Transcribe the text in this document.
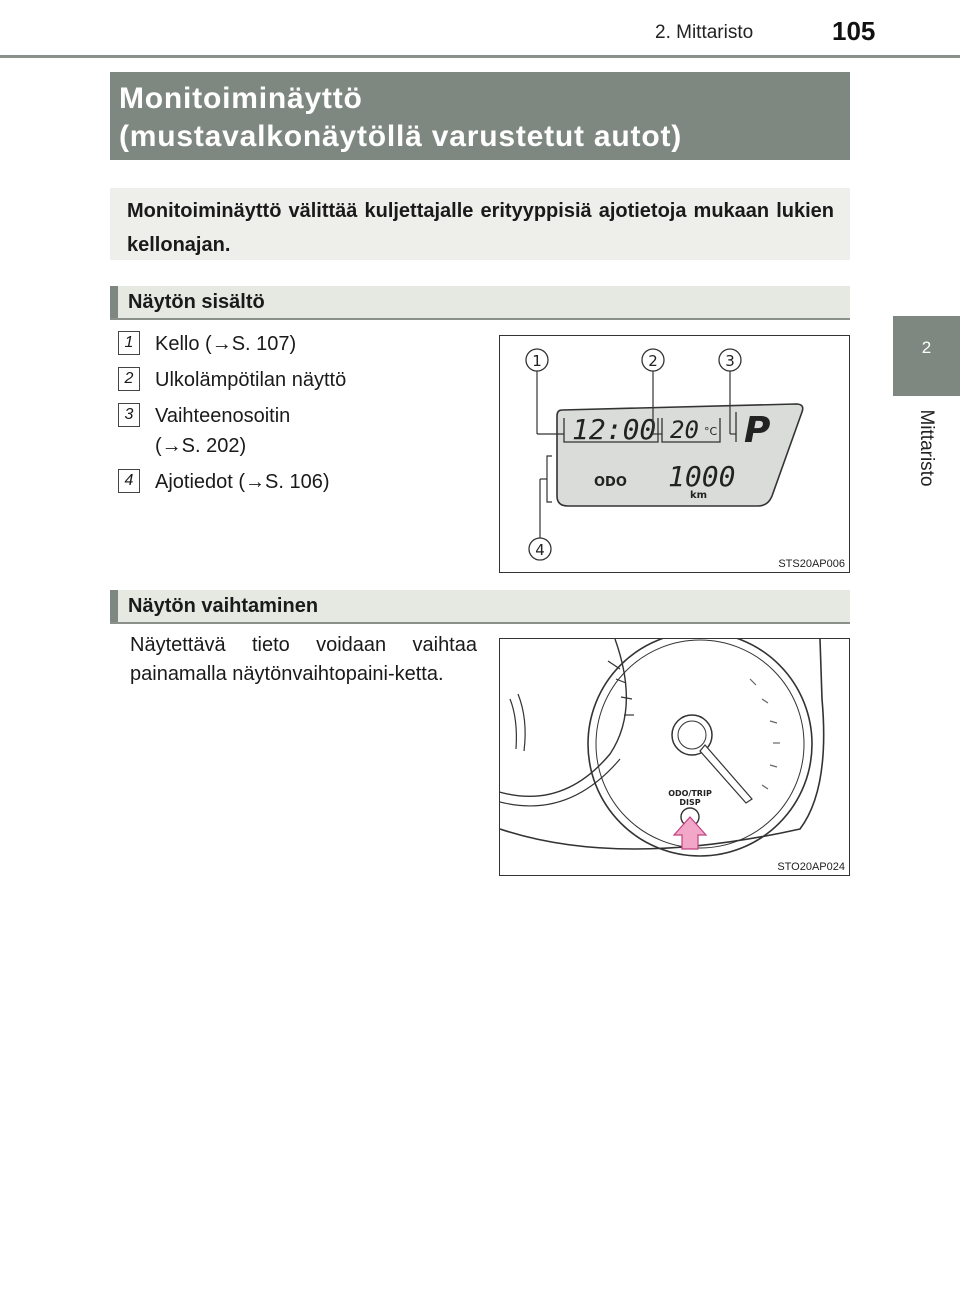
2. Mittaristo	105
2
Mittaristo
Monitoiminäyttö
(mustavalkonäytöllä varustetut autot)
Monitoiminäyttö välittää kuljettajalle erityyppisiä ajotietoja mukaan lukien kellonajan.
Näytön sisältö
1	Kello (→S. 107)
2	Ulkolämpötilan näyttö
3	Vaihteenosoitin
(→S. 202)
4	Ajotiedot (→S. 106)
12:00 20 °C P
ODO 1000
km
1	2	3
4
STS20AP006
Näytön vaihtaminen
Näytettävä tieto voidaan vaihtaa painamalla näytönvaihtopaini-ketta.
ODO/TRIP
DISP
STO20AP024
